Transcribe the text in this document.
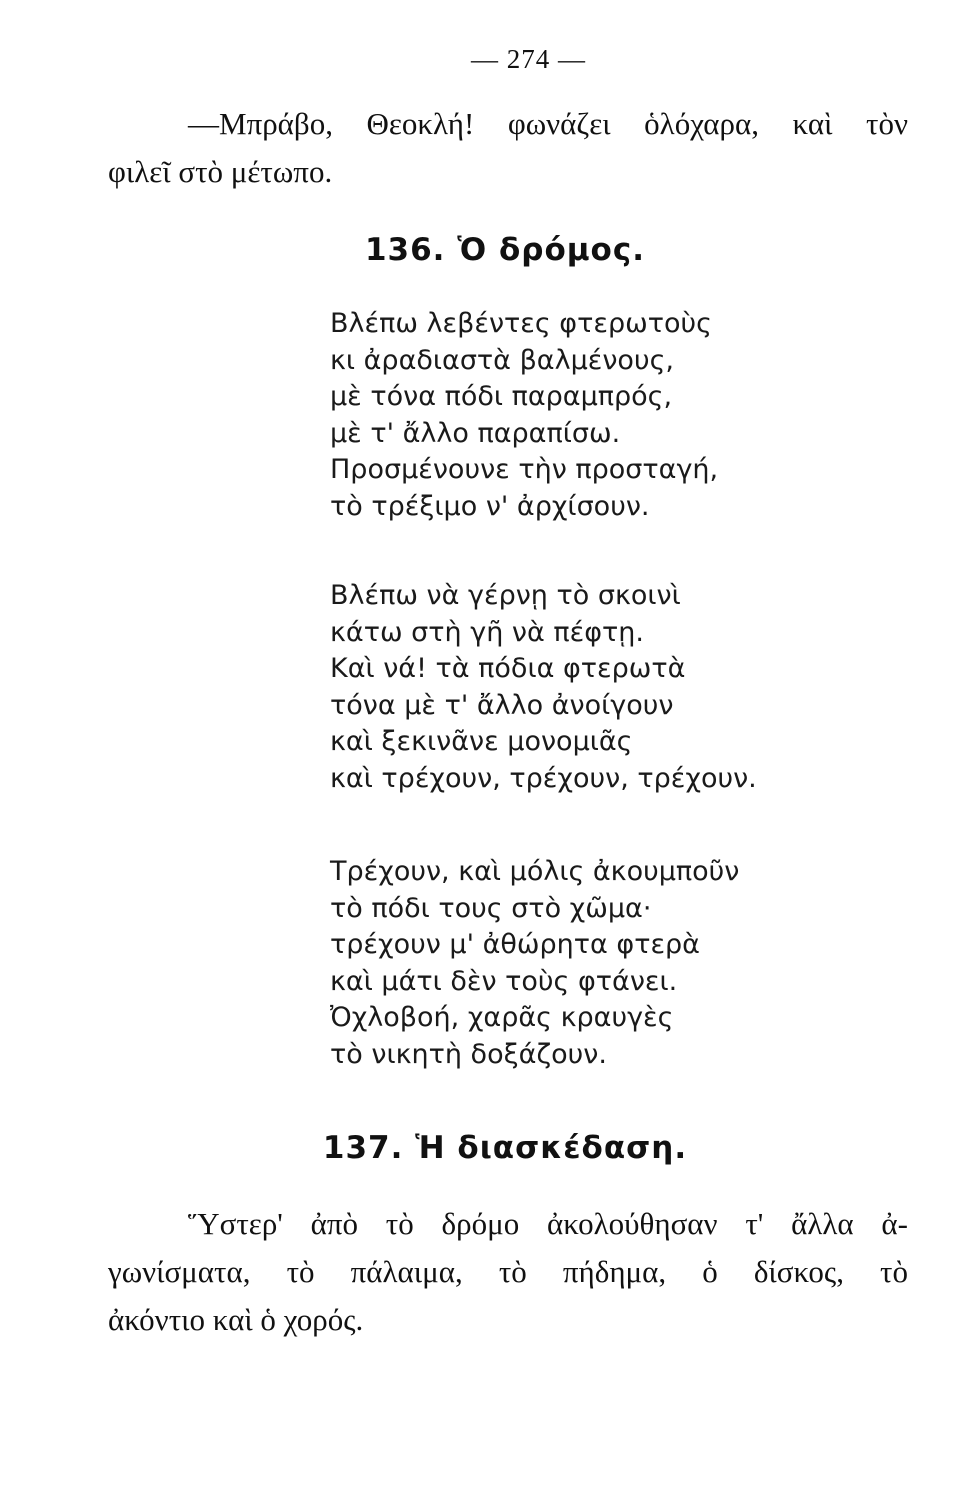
— 274 —
—Μπράβο, Θεοκλή! φωνάζει ὁλόχαρα, καὶ τὸν
φιλεῖ στὸ μέτωπο.
136. Ὁ δρόμος.
Βλέπω λεβέντες φτερωτοὺς
κι ἀραδιαστὰ βαλμένους,
μὲ τόνα πόδι παραμπρός,
μὲ τ' ἄλλο παραπίσω.
Προσμένουνε τὴν προσταγή,
τὸ τρέξιμο ν' ἀρχίσουν.
Βλέπω νὰ γέρνῃ τὸ σκοινὶ
κάτω στὴ γῆ νὰ πέφτῃ.
Καὶ νά! τὰ πόδια φτερωτὰ
τόνα μὲ τ' ἄλλο ἀνοίγουν
καὶ ξεκινᾶνε μονομιᾶς
καὶ τρέχουν, τρέχουν, τρέχουν.
Τρέχουν, καὶ μόλις ἀκουμποῦν
τὸ πόδι τους στὸ χῶμα·
τρέχουν μ' ἀθώρητα φτερὰ
καὶ μάτι δὲν τοὺς φτάνει.
Ὀχλοβοή, χαρᾶς κραυγὲς
τὸ νικητὴ δοξάζουν.
137. Ἡ διασκέδαση.
Ὕστερ' ἀπὸ τὸ δρόμο ἀκολούθησαν τ' ἄλλα ἀ-
γωνίσματα, τὸ πάλαιμα, τὸ πήδημα, ὁ δίσκος, τὸ
ἀκόντιο καὶ ὁ χορός.
